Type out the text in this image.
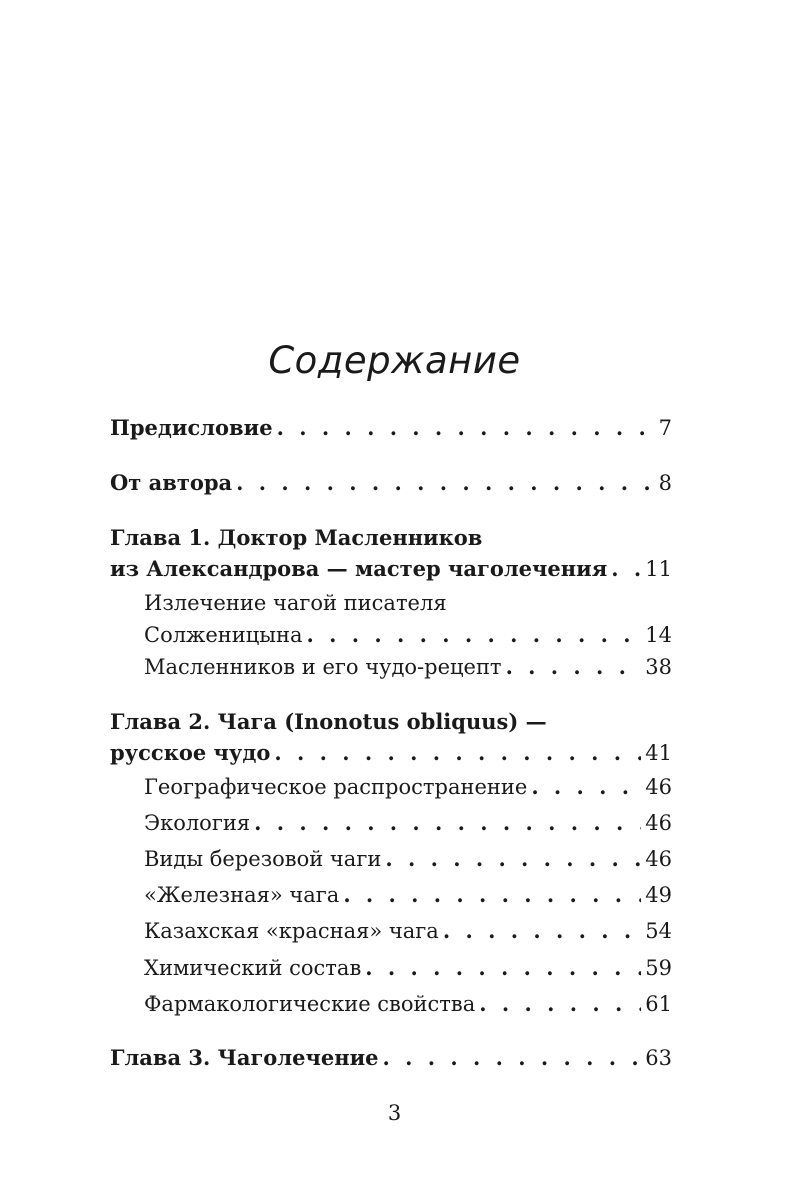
Содержание
Предисловие . . .	7
От автора . . .	8
Глава 1. Доктор Масленников
из Александрова — мастер чаголечения . . . 11
Излечение чагой писателя
Солженицына . . .	14
Масленников и его чудо-рецепт . . .	38
Глава 2. Чага (Inonotus obliquus) —
русское чудо . . .	41
Географическое распространение . . .	46
Экология . . .	46
Виды березовой чаги . . .	46
«Железная» чага . . .	49
Казахская «красная» чага . . .	54
Химический состав . . .	59
Фармакологические свойства . . .	61
Глава 3. Чаголечение . . .	63
3
